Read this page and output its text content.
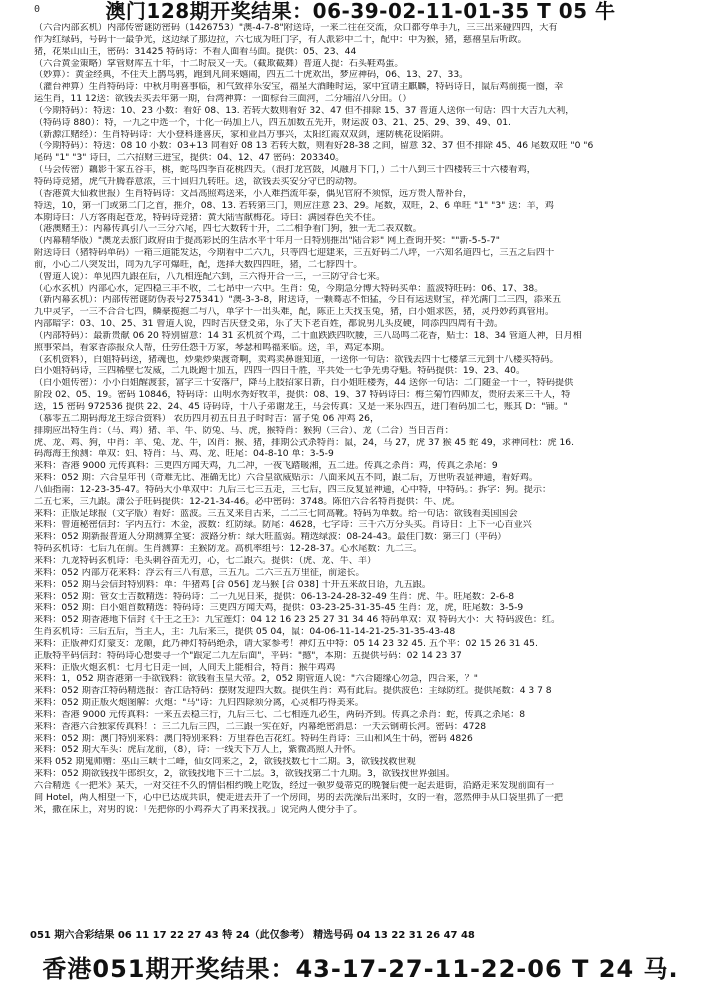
0	澳门128期开奖结果：06-39-02-11-01-35 T 05 牛
（六合内部玄机）内部传密谜防密码（1426753）"澳-4-7-8"附送诗，一来二往在交流，众口都夸单手九，三三出来碰四四，大有
作为红绿码，号码十一最争光，这边绿了那边拉，六七成为旺门字，有人派彩中二十，配中：中为猴，猪，慈禧皇后听政。
猪，花果山山王，密码：31425 特码诗：不看人面看马面。提供：05、23、44
（六合黄金策略）掌管财库五十年，十二时辰又一天。（截欺截舞）普道人提：石头鞋鸡蛋。
（妙算）：黄金经典，不住天上鹊鸟鸦，跑到凡间来嬉闹，四五二十虎欢出，梦应神码，06、13、27、33。
（灌台神算）生肖特码诗：中秋月明喜事临，和气致祥乐安宝，福星大酒睡时运，家中宜请主麒麟，特码诗日，鼠后鸡前揽一圈，幸
运生肖，11 12送：欲钱去买去年第一期，台湾神算：一面棕台三面河，二分埔沼八分田。（）
（今期特码）：特送：10、23 小数：看好 08、13. 若转大数则看好 32、47 但不排除 15、37 普道人送你一句话：四十大吉九大利，
（特码诗 880）：特，一九之中选一个，十化一码加上八，四五加数五先开，财运波 03、21、25、29、39、49、01.
（新源江赌经）：生肖特码诗：大小登科逢喜庆，家和业昌万事兴，太阳红霞双双剑，速防桃花设陷阱。
（今期特码）：特送：08 10 小数：03+13 同看好 08 13 若转大数，则看好28-38 之间，留意 32、37 但不排除 45、46 尾数双旺 "0 "6
尾码 "1" "3" 诗曰，二六招财三进宝，提供：04、12、47 密码：203340。
（马会传密）藕影千家五谷丰，桃，蛇鸟四季百花桃四天。（浪打龙宫鼓，风融月下门，）二十八到三十四楼转三十六楼看鸡，
特码诗竞猪，虎气升腾春意浓，三十回归九转旺。送，欲钱去买安分守已的动物。
（香港黄大仙救世报）生肖特码诗：文昌高照鸡送来，小人难挡流年泰，偶见官府不须惊，远方贵人帮补台，
特送，10，第一门或第二门之首，推介，08、13. 若转第三门，则应注意 23、29。尾数，双旺，2、6 单旺 "1" "3" 送：羊，鸡
本期诗曰：八方客雨起苍龙，特码诗竞猪：黄大陆雪献梅花。诗曰：满园春色关不住。
（港澳赌王）：内幕传真引八一三分六尾，四七大数转十开，二二相争看门狗，独一无二表双数。
（内幕精华版）"澳龙去旅门政府由于提高彩民的生活水平十年月一日特别推出"陆合彩" 网上查询开奖：""新-5-5-7"
附送诗曰（猪特码单码）一箱三道能发达，今期看中二六九，只等四七迎建来，三五好码二八坪，一六知名道四七，三五之后四十
前，小心二八突发出，同为九字可爆旺，配，选择大数四四旺，猪，二七脖四十。
（曾道人说）：单见四九跟在后，八九相连配六到，三六得开合一三，一三防守合七来。
（心水玄机）内部心水，定四稳三丰不收，二七昂中一六中。生肖：兔，今期急分博大特码买单：蓝波特旺码：06、17、38。
（新内幕玄机）：内部传密谜防伪表号275341）"澳-3-3-8，附送诗，一颗蓦志不怕猛，今日有运送财宝，祥光满门二三四，添来五
九中灵字，一三不合合七四，鳞豪揽抱二与八，单字十一出头难，配，陈正上天找玉兔，猪，白小姐求医，猪，灵丹妙药真管用。
内部暗字：03、10、25、31 曾道人说，四时吉庆登爻弟，乐了天下老百姓，都说男儿头皮硬，同添四四周有千劲。
（内部特码）：最新贵献 06 20 特别留意：14 31 玄机贫个鸡，二十血跌跌四吹腰，三八岛鸣二花香，贴士：18、34 管道人神，日月相
照事荣昌，看家香添报众人帮，任劳任怨千万家，琴瑟和鸣福来临。送，羊，鸡定本期。
（玄机资料），白姐特码送，猪魂也，炒栗炒栗渡奇啊，卖鸡卖鼻谁知道，一送你一句话：欲钱去四十七楼拿三元到十八楼买特码。
白小姐特码诗，三四稀壁七发威，二九既跑十加五，四四一四日千胜，平共处一七争先勇夺魁。特码提供：19、23、40。
（白小姐传密）：小小白姐醒渡套，富字三十安落尸，降马上肢招家日新，白小姐旺楼秀，44 送你一句话：二门随金一十一，特码提供
阶段 02、05、19。密码 10846，特码诗：山明水秀好牧羊，提供：08、19、37 特码诗曰：梅兰菊竹四师友，贵府去来三千人，特
送，15 密码 972536 提供 22、24、45 诗码诗，十八子弟谢龙王，马会传真：又是一来乐四五，进门看码加二七，账其 D："铺。"
（慕零五二期码海龙王综合资料） 农历四月初五日丑子时时吉：富子兔 06 冲鸡 26，
排期应出特生肖：（马、鸡）猪、羊、牛、防兔、马、虎，猴特肖：猴狗（三合）、龙（二合）当日吉肖：
虎、龙、鸡、狗，中肖：羊、兔、龙、牛，凶肖：猴、猪，排期公式杀特肖：鼠，24，马 27，虎 37 猴 45 蛇 49，求神问杜：虎 16.
码海海王预测：单双：妇、特肖：马、鸡、龙、旺尾：04-8-10 单：3-5-9
来料：香港 9000 元传真料：三更四方闻天鸡，九二冲，一夜飞踏暖湘，五二进。传真之杀肖：鸡，传真之杀尾：9
来料：052 期：六合皇年刊（奇难无比、准确无比）六合皇欲威贴示：八面来风五不同，跟二后，万世听表显神通，看好鸡。
八仙指南：12-23-35-47。特码大小单双中：九后三七三五走，三七后，四三反复显神通，心中特，中特码。：拆字：狗。提示：
二五七来，三九跟。潇公子旺码提供：12-21-34-46。必中密码：3748。陈伯六合名特肖提供：牛、虎。
来料：正版足球报（文字版）看好：蓝波。三五叉来自古来，二二三七同高靴。特码为单数。给一句话：欲钱看美国国会
来料：曾道秘密信封：字内五行：木金，波数：红防绿。防尾：4628，七字诗：三千六万分头买。肖诗日：上下一心百业兴
来料：052 期新报普道人分期测算全宴：波路分析：绿大旺蓝弱。精选绿波：08-24-43。最佳门数：第三门（平码）
特码玄机诗：七后九在前。生肖测算：主猴防龙。高机率组号：12-28-37。心水尾数：九二三。
来料：九龙特码玄机诗：毛头刺谷苗无刃，心，七二跟六。提供：（虎、龙、牛、羊）
来料：052 内部万花来料：浮云有三八有意，三五九。二六三五万里征，前途长。
来料：052 期马会信封特别料：单：牛猪鸡 [合 056] 龙马猴 [合 038] 十开五来故日语，九五跟。
来料：052 期：管女士吉数精选：特码诗：二一九见日来，提供：06-13-24-28-32-49 生肖：虎、牛。旺尾数：2-6-8
来料：052 期：白小姐首数精选：特码诗：三更四方闻天鸡，提供：03-23-25-31-35-45 生肖：龙，虎，旺尾数：3-5-9
来料：052 期香港地下信封《千王之王》：九宝莲灯：04 12 16 23 25 27 31 34 46 特码单双：双 特码大小：大 特码波色：红。
生肖玄机诗：三后五后，当主人，主：九后来三，提供 05 04，鼠：04-06-11-14-21-25-31-35-43-48
来料：正版神灯灯蒙支：龙颠，此乃神灯特码绝杀，请大家参考！神灯五中特：05 14 23 32 45. 五个平：02 15 26 31 45.
正版特平码信封：特码诗心想要寻一个"跟定二九左后面"，平码："撼"，本期：五提供号码：02 14 23 37
来料：正版火炮玄机：七月七日走一回，人间天上能相合，特肖：猴牛鸡鸡
来料：1，052 期香港第一手欲钱料：欲钱看玉皇大帝。2，052 期管道人说："六合随缘心勿急，四合来，？"
来料：052 期香江特码精选报：香江话特码：摆财发迎四大数。提供生肖：鸡有此后。提供波色：主绿防红。提供尾数：4 3 7 8
来料：052 期正版火炮图解：火炮："马"诗：九归四除须分离，心灵相巧得美来。
来料：香港 9000 元传真料：一来五去稳三行，九后三七、二七相连九必生，两码齐到。传真之杀肖：蛇，传真之杀尾：8
来料：香港六合独家传真料！：三二九后三四，二三跟一实在好，内幕绝密消息：一天云钢萌长河。密码：4728
来料：052 期：澳门特别来料：澳门特别来料：万里春色吉花红。特码生肖诗：三山和风生十码，密码 4826
来料：052 期大车头：虎后龙前，（8），诗：一线天下万人上，紫微高照人升怀。
来料 052 期鬼师赠：巫山三峡十二峰，仙女同来之，2，欲钱找数七十二期。3，欲钱找救世观
来料：052 期欲钱找牛郎织女，2，欲钱找地下三十二层。3，欲钱找第二十九期。3，欲钱找世界强国。
六合精选《一把米》某天，一对交往不久的情侣相约晚上吃饭，经过一顿罗曼蒂克的晚餐后便一起去逛街，沿路走来发现前面有一
间 Hotel，两人相望一下，心中已达成共识，便走进去开了一个房间，男的去洗澡后出来时，女的一看，忽然伸手从口袋里抓了一把
米，撒在床上，对男的说：「先把你的小鸡养大了再来找我。」说完两人便分手了。
051 期六合彩结果 06 11 17 22 27 43 特 24（此仅参考） 精选号码 04 13 22 31 26 47 48
香港051期开奖结果：43-17-27-11-22-06 T 24 马.
